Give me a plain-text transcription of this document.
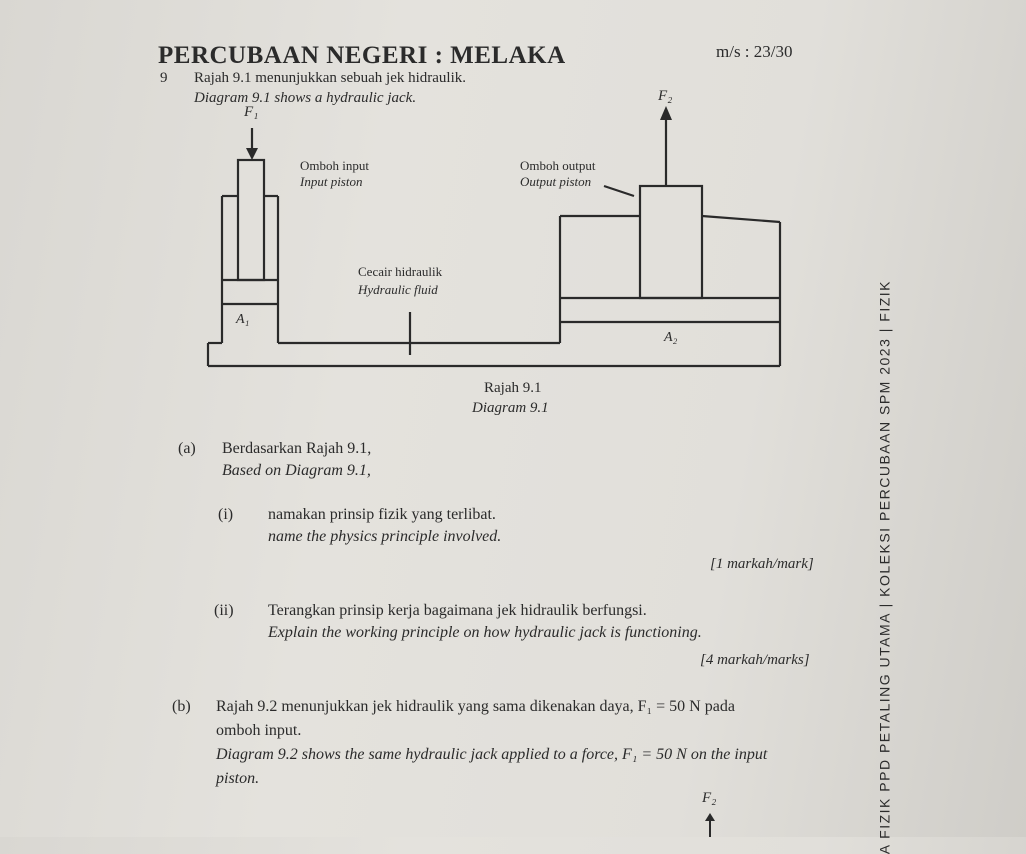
PERCUBAAN NEGERI : MELAKA	m/s : 23/30
9 Rajah 9.1 menunjukkan sebuah jek hidraulik.
Diagram 9.1 shows a hydraulic jack.
F₁
F₂
Omboh input
Input piston
Omboh output
Output piston
Cecair hidraulik
Hydraulic fluid
A₁
A₂
Rajah 9.1
Diagram 9.1
(a) Berdasarkan Rajah 9.1,
Based on Diagram 9.1,
(i) namakan prinsip fizik yang terlibat.
name the physics principle involved.
[1 markah/mark]
(ii) Terangkan prinsip kerja bagaimana jek hidraulik berfungsi.
Explain the working principle on how hydraulic jack is functioning.
[4 markah/marks]
(b) Rajah 9.2 menunjukkan jek hidraulik yang sama dikenakan daya, F₁ = 50 N pada
omboh input.
Diagram 9.2 shows the same hydraulic jack applied to a force, F₁ = 50 N on the input
piston.
F₂	A FIZIK PPD PETALING UTAMA | KOLEKSI PERCUBAAN SPM 2023 | FIZIK
